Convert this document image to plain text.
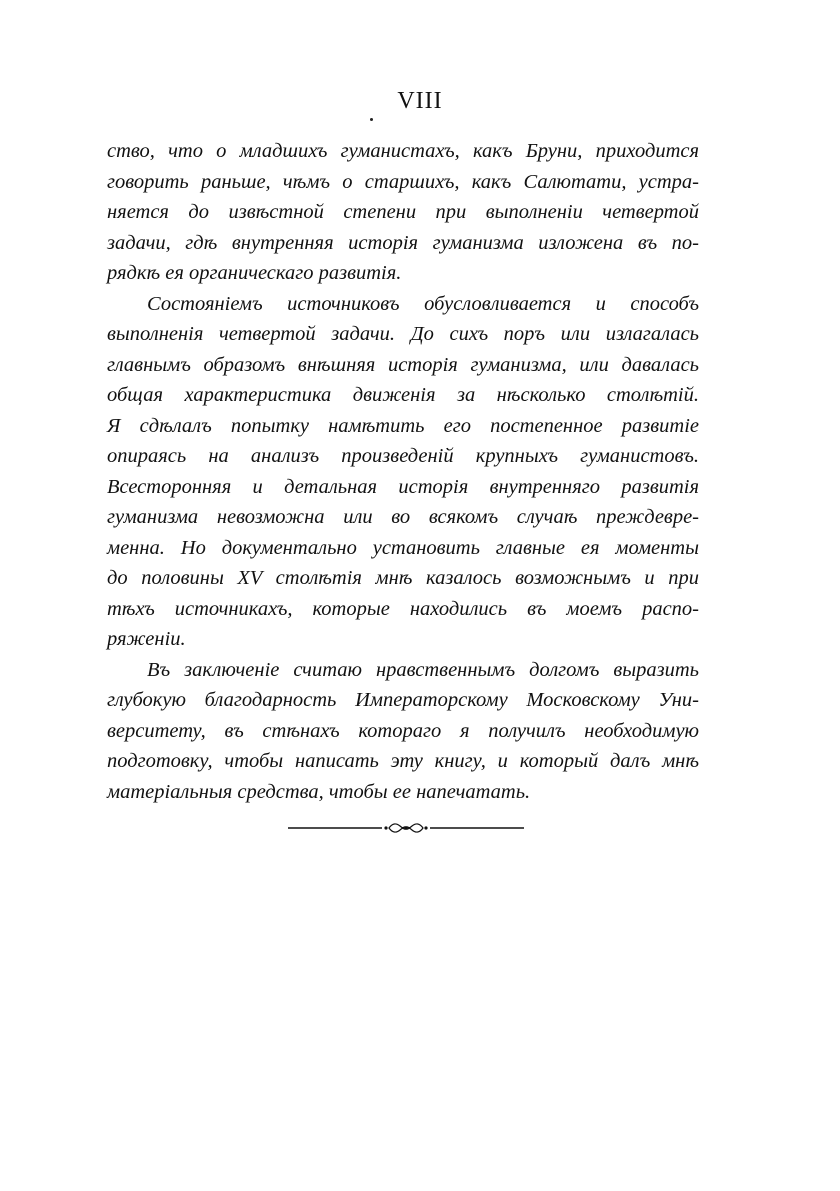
VIII
ство, что о младшихъ гуманистахъ, какъ Бруни, приходится
говорить раньше, чѣмъ о старшихъ, какъ Салютати, устра-
няется до извѣстной степени при выполненіи четвертой
задачи, гдѣ внутренняя исторія гуманизма изложена въ по-
рядкѣ ея органическаго развитія.
Состояніемъ источниковъ обусловливается и способъ
выполненія четвертой задачи. До сихъ поръ или излагалась
главнымъ образомъ внѣшняя исторія гуманизма, или давалась
общая характеристика движенія за нѣсколько столѣтій.
Я сдѣлалъ попытку намѣтить его постепенное развитіе
опираясь на анализъ произведеній крупныхъ гуманистовъ.
Всесторонняя и детальная исторія внутренняго развитія
гуманизма невозможна или во всякомъ случаѣ преждевре-
менна. Но документально установить главные ея моменты
до половины XV столѣтія мнѣ казалось возможнымъ и при
тѣхъ источникахъ, которые находились въ моемъ распо-
ряженіи.
Въ заключеніе считаю нравственнымъ долгомъ выразить
глубокую благодарность Императорскому Московскому Уни-
верситету, въ стѣнахъ котораго я получилъ необходимую
подготовку, чтобы написать эту книгу, и который далъ мнѣ
матеріальныя средства, чтобы ее напечатать.
